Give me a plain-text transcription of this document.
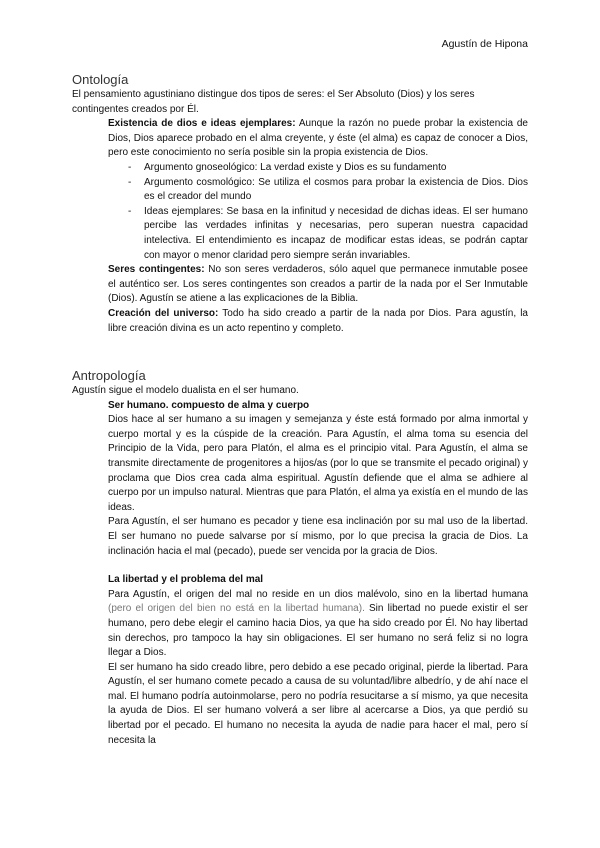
Agustín de Hipona
Ontología

El pensamiento agustiniano distingue dos tipos de seres: el Ser Absoluto (Dios) y los seres contingentes creados por Él.

Existencia de dios e ideas ejemplares: Aunque la razón no puede probar la existencia de Dios, Dios aparece probado en el alma creyente, y éste (el alma) es capaz de conocer a Dios, pero este conocimiento no sería posible sin la propia existencia de Dios.

- Argumento gnoseológico: La verdad existe y Dios es su fundamento
- Argumento cosmológico: Se utiliza el cosmos para probar la existencia de Dios. Dios es el creador del mundo
- Ideas ejemplares: Se basa en la infinitud y necesidad de dichas ideas. El ser humano percibe las verdades infinitas y necesarias, pero superan nuestra capacidad intelectiva. El entendimiento es incapaz de modificar estas ideas, se podrán captar con mayor o menor claridad pero siempre serán invariables.

Seres contingentes: No son seres verdaderos, sólo aquel que permanece inmutable posee el auténtico ser. Los seres contingentes son creados a partir de la nada por el Ser Inmutable (Dios). Agustín se atiene a las explicaciones de la Biblia.

Creación del universo: Todo ha sido creado a partir de la nada por Dios. Para agustín, la libre creación divina es un acto repentino y completo.

Antropología

Agustín sigue el modelo dualista en el ser humano.

Ser humano. compuesto de alma y cuerpo

Dios hace al ser humano a su imagen y semejanza y éste está formado por alma inmortal y cuerpo mortal y es la cúspide de la creación. Para Agustín, el alma toma su esencia del Principio de la Vida, pero para Platón, el alma es el principio vital. Para Agustín, el alma se transmite directamente de progenitores a hijos/as (por lo que se transmite el pecado original) y proclama que Dios crea cada alma espiritual. Agustín defiende que el alma se adhiere al cuerpo por un impulso natural. Mientras que para Platón, el alma ya existía en el mundo de las ideas.

Para Agustín, el ser humano es pecador y tiene esa inclinación por su mal uso de la libertad. El ser humano no puede salvarse por sí mismo, por lo que precisa la gracia de Dios. La inclinación hacia el mal (pecado), puede ser vencida por la gracia de Dios.

La libertad y el problema del mal

Para Agustín, el origen del mal no reside en un dios malévolo, sino en la libertad humana (pero el origen del bien no está en la libertad humana). Sin libertad no puede existir el ser humano, pero debe elegir el camino hacia Dios, ya que ha sido creado por Él. No hay libertad sin derechos, pro tampoco la hay sin obligaciones. El ser humano no será feliz si no logra llegar a Dios.

El ser humano ha sido creado libre, pero debido a ese pecado original, pierde la libertad. Para Agustín, el ser humano comete pecado a causa de su voluntad/libre albedrío, y de ahí nace el mal. El humano podría autoinmolarse, pero no podría resucitarse a sí mismo, ya que necesita la ayuda de Dios. El ser humano volverá a ser libre al acercarse a Dios, ya que perdió su libertad por el pecado. El humano no necesita la ayuda de nadie para hacer el mal, pero sí necesita la
